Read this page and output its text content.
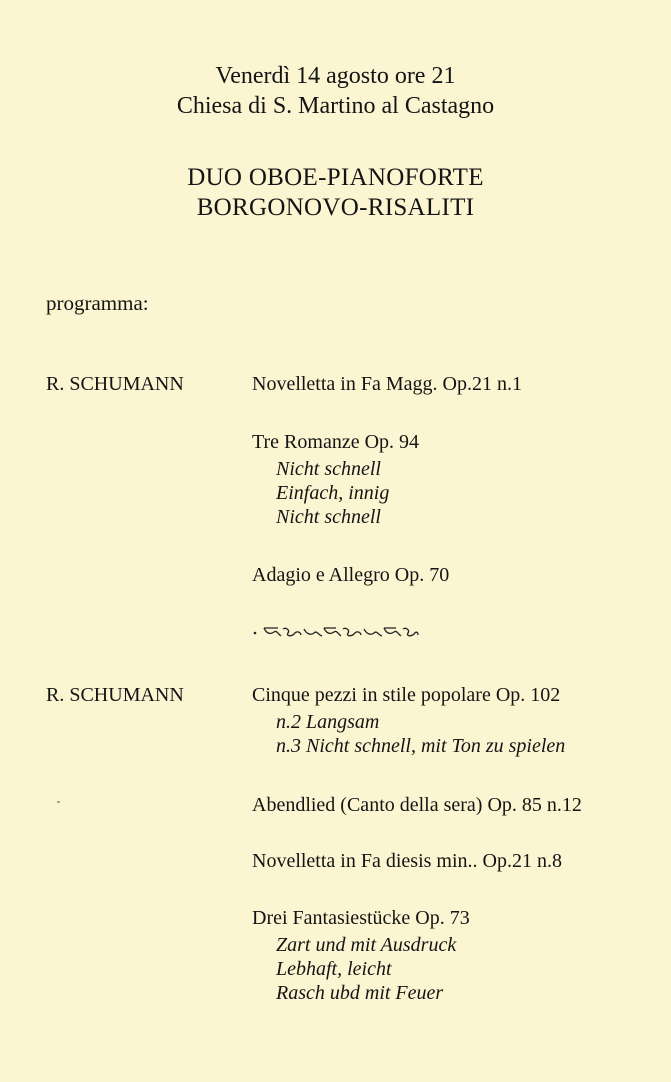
Venerdì 14 agosto ore 21
Chiesa di S. Martino al Castagno
DUO OBOE-PIANOFORTE
BORGONOVO-RISALITI
programma:
R. SCHUMANN	Novelletta in Fa Magg. Op.21 n.1
Tre Romanze Op. 94
Nicht schnell
Einfach, innig
Nicht schnell
Adagio e Allegro Op. 70
R. SCHUMANN	Cinque pezzi in stile popolare Op. 102
n.2 Langsam
n.3 Nicht schnell, mit Ton zu spielen
Abendlied (Canto della sera) Op. 85 n.12
Novelletta in Fa diesis min.. Op.21 n.8
Drei Fantasiestücke Op. 73
Zart und mit Ausdruck
Lebhaft, leicht
Rasch ubd mit Feuer
